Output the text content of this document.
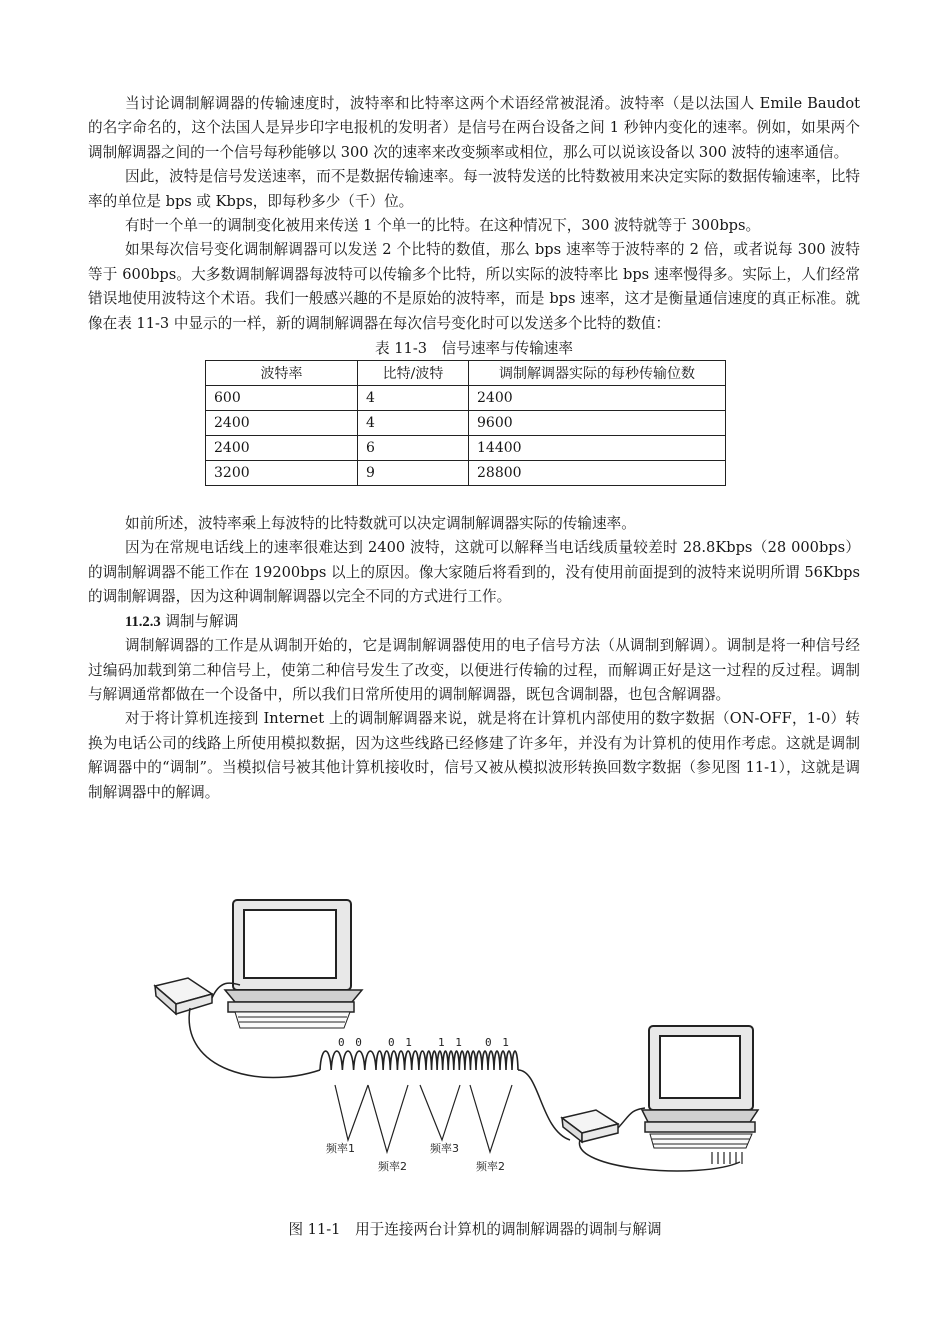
当讨论调制解调器的传输速度时，波特率和比特率这两个术语经常被混淆。波特率（是以法国人 Emile Baudot 的名字命名的，这个法国人是异步印字电报机的发明者）是信号在两台设备之间 1 秒钟内变化的速率。例如，如果两个调制解调器之间的一个信号每秒能够以 300 次的速率来改变频率或相位，那么可以说该设备以 300 波特的速率通信。

因此，波特是信号发送速率，而不是数据传输速率。每一波特发送的比特数被用来决定实际的数据传输速率，比特率的单位是 bps 或 Kbps，即每秒多少（千）位。

有时一个单一的调制变化被用来传送 1 个单一的比特。在这种情况下，300 波特就等于 300bps。

如果每次信号变化调制解调器可以发送 2 个比特的数值，那么 bps 速率等于波特率的 2 倍，或者说每 300 波特等于 600bps。大多数调制解调器每波特可以传输多个比特，所以实际的波特率比 bps 速率慢得多。实际上，人们经常错误地使用波特这个术语。我们一般感兴趣的不是原始的波特率，而是 bps 速率，这才是衡量通信速度的真正标准。就像在表 11-3 中显示的一样，新的调制解调器在每次信号变化时可以发送多个比特的数值：

表 11-3　信号速率与传输速率
波特率	比特/波特	调制解调器实际的每秒传输位数
600	4	2400
2400	4	9600
2400	6	14400
3200	9	28800

如前所述，波特率乘上每波特的比特数就可以决定调制解调器实际的传输速率。

因为在常规电话线上的速率很难达到 2400 波特，这就可以解释当电话线质量较差时 28.8Kbps（28 000bps）的调制解调器不能工作在 19200bps 以上的原因。像大家随后将看到的，没有使用前面提到的波特来说明所谓 56Kbps 的调制解调器，因为这种调制解调器以完全不同的方式进行工作。

11.2.3 调制与解调

调制解调器的工作是从调制开始的，它是调制解调器使用的电子信号方法（从调制到解调）。调制是将一种信号经过编码加载到第二种信号上，使第二种信号发生了改变，以便进行传输的过程，而解调正好是这一过程的反过程。调制与解调通常都做在一个设备中，所以我们日常所使用的调制解调器，既包含调制器，也包含解调器。

对于将计算机连接到 Internet 上的调制解调器来说，就是将在计算机内部使用的数字数据（ON-OFF，1-0）转换为电话公司的线路上所使用模拟数据，因为这些线路已经修建了许多年，并没有为计算机的使用作考虑。这就是调制解调器中的“调制”。当模拟信号被其他计算机接收时，信号又被从模拟波形转换回数字数据（参见图 11-1），这就是调制解调器中的解调。

0 0 0 1 1 1 0 1
频率1
频率2
频率3
频率2
图 11-1　用于连接两台计算机的调制解调器的调制与解调
